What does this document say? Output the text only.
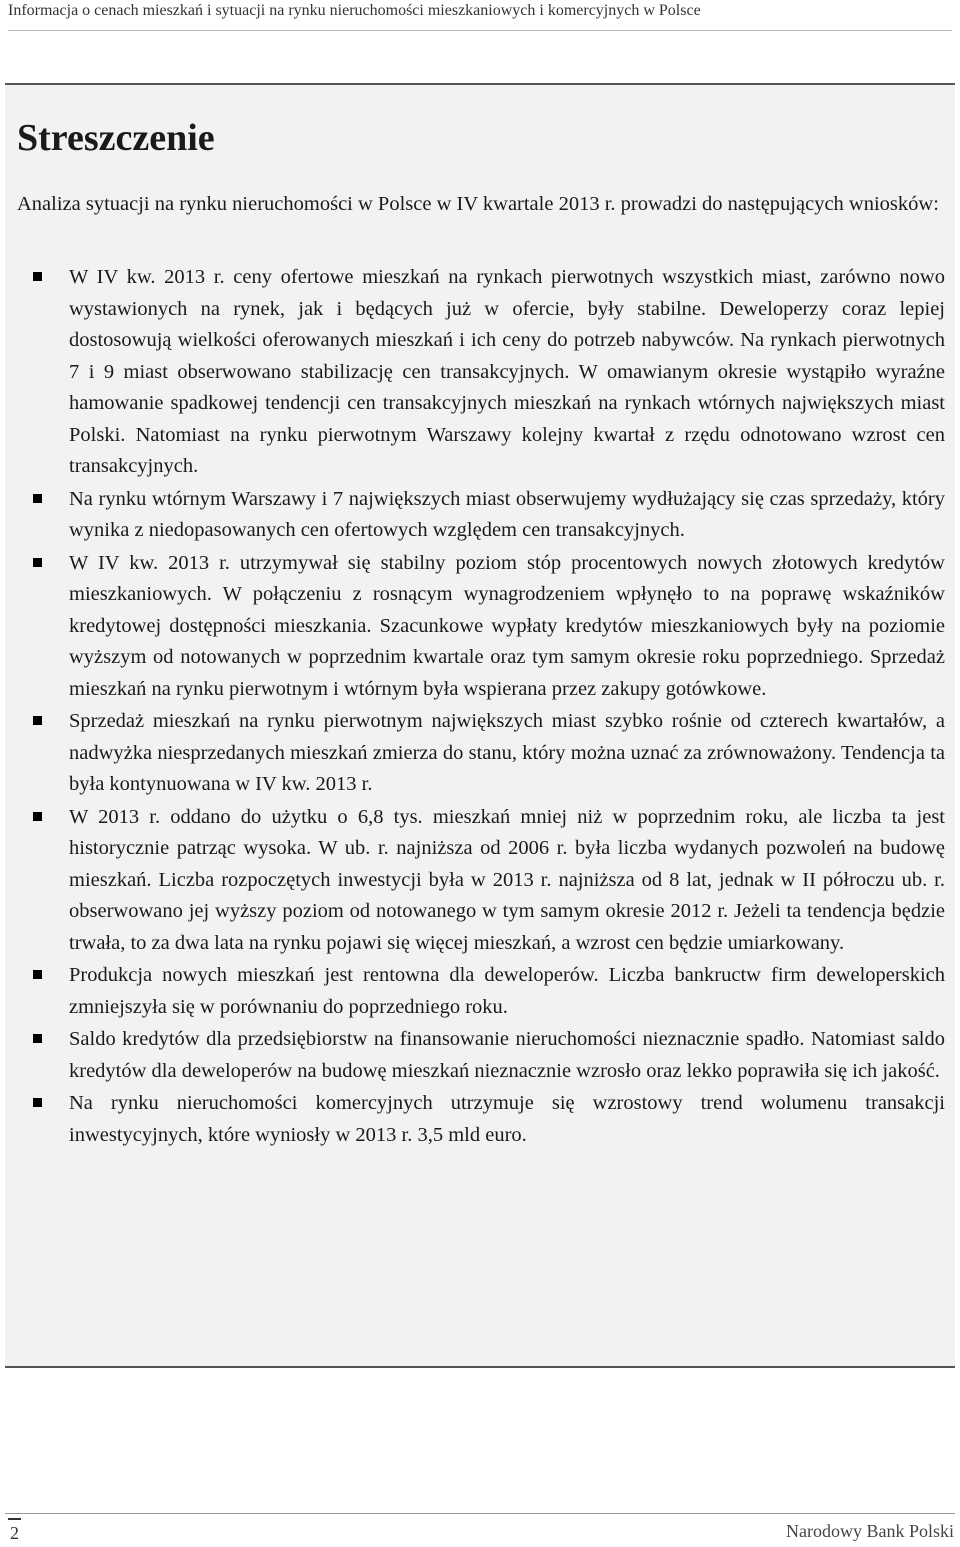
Informacja o cenach mieszkań i sytuacji na rynku nieruchomości mieszkaniowych i komercyjnych w Polsce
Streszczenie

Analiza sytuacji na rynku nieruchomości w Polsce w IV kwartale 2013 r. prowadzi do następujących wniosków:

W IV kw. 2013 r. ceny ofertowe mieszkań na rynkach pierwotnych wszystkich miast, zarówno nowo wystawionych na rynek, jak i będących już w ofercie, były stabilne. Deweloperzy coraz lepiej dostosowują wielkości oferowanych mieszkań i ich ceny do potrzeb nabywców. Na rynkach pierwotnych 7 i 9 miast obserwowano stabilizację cen transakcyjnych. W omawianym okresie wystąpiło wyraźne hamowanie spadkowej tendencji cen transakcyjnych mieszkań na rynkach wtórnych największych miast Polski. Natomiast na rynku pierwotnym Warszawy kolejny kwartał z rzędu odnotowano wzrost cen transakcyjnych.
Na rynku wtórnym Warszawy i 7 największych miast obserwujemy wydłużający się czas sprzedaży, który wynika z niedopasowanych cen ofertowych względem cen transakcyjnych.
W IV kw. 2013 r. utrzymywał się stabilny poziom stóp procentowych nowych złotowych kredytów mieszkaniowych. W połączeniu z rosnącym wynagrodzeniem wpłynęło to na poprawę wskaźników kredytowej dostępności mieszkania. Szacunkowe wypłaty kredytów mieszkaniowych były na poziomie wyższym od notowanych w poprzednim kwartale oraz tym samym okresie roku poprzedniego. Sprzedaż mieszkań na rynku pierwotnym i wtórnym była wspierana przez zakupy gotówkowe.
Sprzedaż mieszkań na rynku pierwotnym największych miast szybko rośnie od czterech kwartałów, a nadwyżka niesprzedanych mieszkań zmierza do stanu, który można uznać za zrównoważony. Tendencja ta była kontynuowana w IV kw. 2013 r.
W 2013 r. oddano do użytku o 6,8 tys. mieszkań mniej niż w poprzednim roku, ale liczba ta jest historycznie patrząc wysoka. W ub. r. najniższa od 2006 r. była liczba wydanych pozwoleń na budowę mieszkań. Liczba rozpoczętych inwestycji była w 2013 r. najniższa od 8 lat, jednak w II półroczu ub. r. obserwowano jej wyższy poziom od notowanego w tym samym okresie 2012 r. Jeżeli ta tendencja będzie trwała, to za dwa lata na rynku pojawi się więcej mieszkań, a wzrost cen będzie umiarkowany.
Produkcja nowych mieszkań jest rentowna dla deweloperów. Liczba bankructw firm deweloperskich zmniejszyła się w porównaniu do poprzedniego roku.
Saldo kredytów dla przedsiębiorstw na finansowanie nieruchomości nieznacznie spadło. Natomiast saldo kredytów dla deweloperów na budowę mieszkań nieznacznie wzrosło oraz lekko poprawiła się ich jakość.
Na rynku nieruchomości komercyjnych utrzymuje się wzrostowy trend wolumenu transakcji inwestycyjnych, które wyniosły w 2013 r. 3,5 mld euro.
2	Narodowy Bank Polski
